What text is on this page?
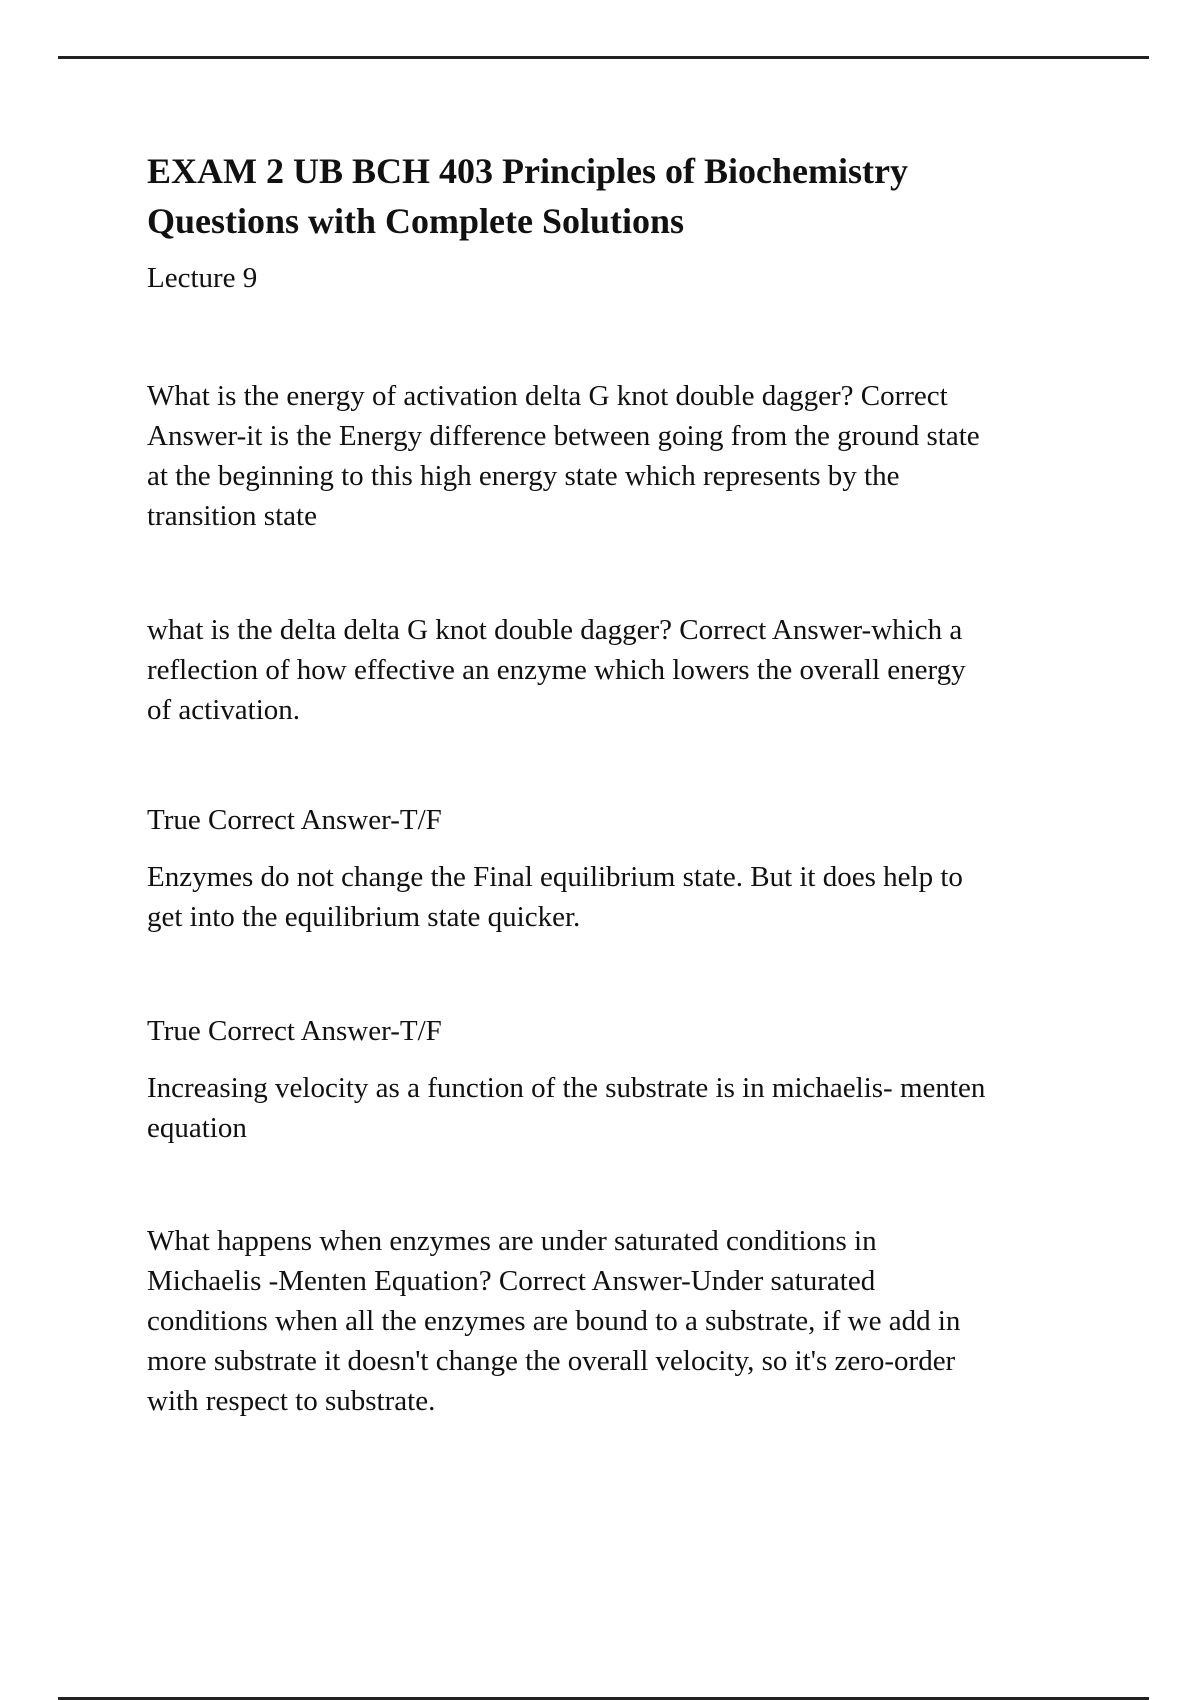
EXAM 2 UB BCH 403 Principles of Biochemistry
Questions with Complete Solutions
Lecture 9
What is the energy of activation delta G knot double dagger? Correct
Answer-it is the Energy difference between going from the ground state
at the beginning to this high energy state which represents by the
transition state
what is the delta delta G knot double dagger? Correct Answer-which a
reflection of how effective an enzyme which lowers the overall energy
of activation.
True Correct Answer-T/F
Enzymes do not change the Final equilibrium state. But it does help to
get into the equilibrium state quicker.
True Correct Answer-T/F
Increasing velocity as a function of the substrate is in michaelis- menten
equation
What happens when enzymes are under saturated conditions in
Michaelis -Menten Equation? Correct Answer-Under saturated
conditions when all the enzymes are bound to a substrate, if we add in
more substrate it doesn't change the overall velocity, so it's zero-order
with respect to substrate.
